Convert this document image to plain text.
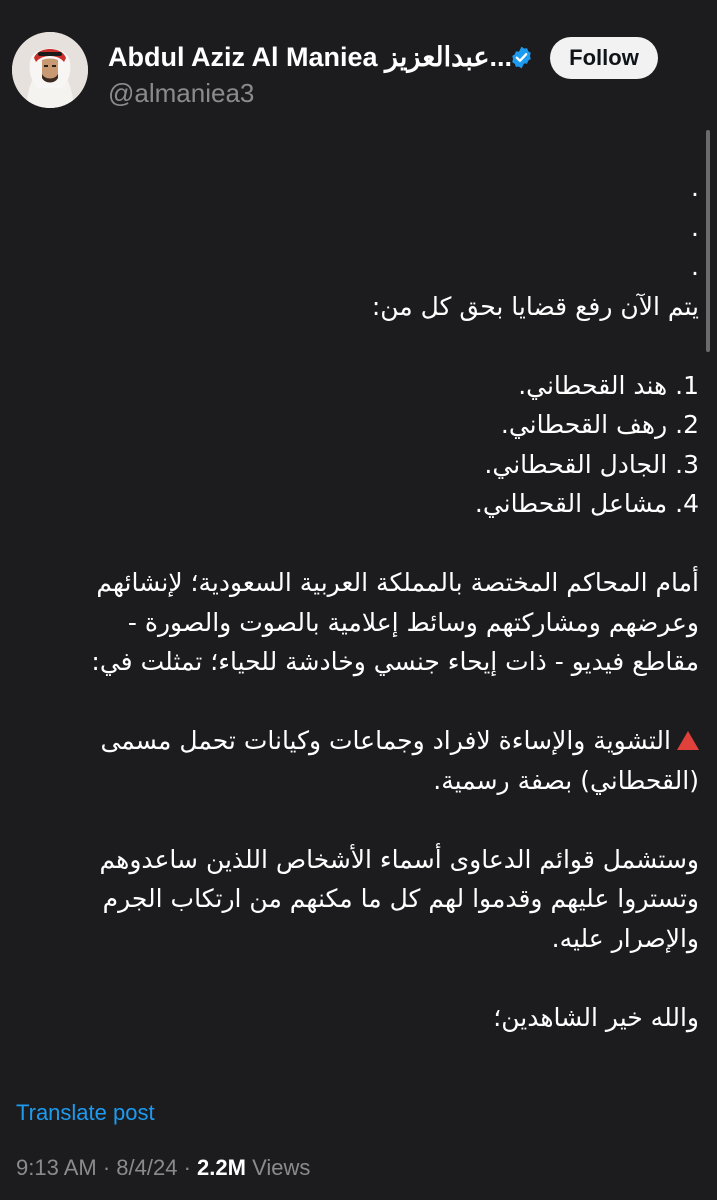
Abdul Aziz Al Maniea عبدالعزيز...
@almaniea3
Follow
.
.
.
يتم الآن رفع قضايا بحق كل من:
1. هند القحطاني.
2. رهف القحطاني.
3. الجادل القحطاني.
4. مشاعل القحطاني.
أمام المحاكم المختصة بالمملكة العربية السعودية؛ لإنشائهم
وعرضهم ومشاركتهم وسائط إعلامية بالصوت والصورة -
مقاطع فيديو - ذات إيحاء جنسي وخادشة للحياء؛ تمثلت في:
التشوية والإساءة لافراد وجماعات وكيانات تحمل مسمى
(القحطاني) بصفة رسمية.
وستشمل قوائم الدعاوى أسماء الأشخاص اللذين ساعدوهم
وتستروا عليهم وقدموا لهم كل ما مكنهم من ارتكاب الجرم
والإصرار عليه.
والله خير الشاهدين؛
Translate post
9:13 AM · 8/4/24 · 2.2M Views
